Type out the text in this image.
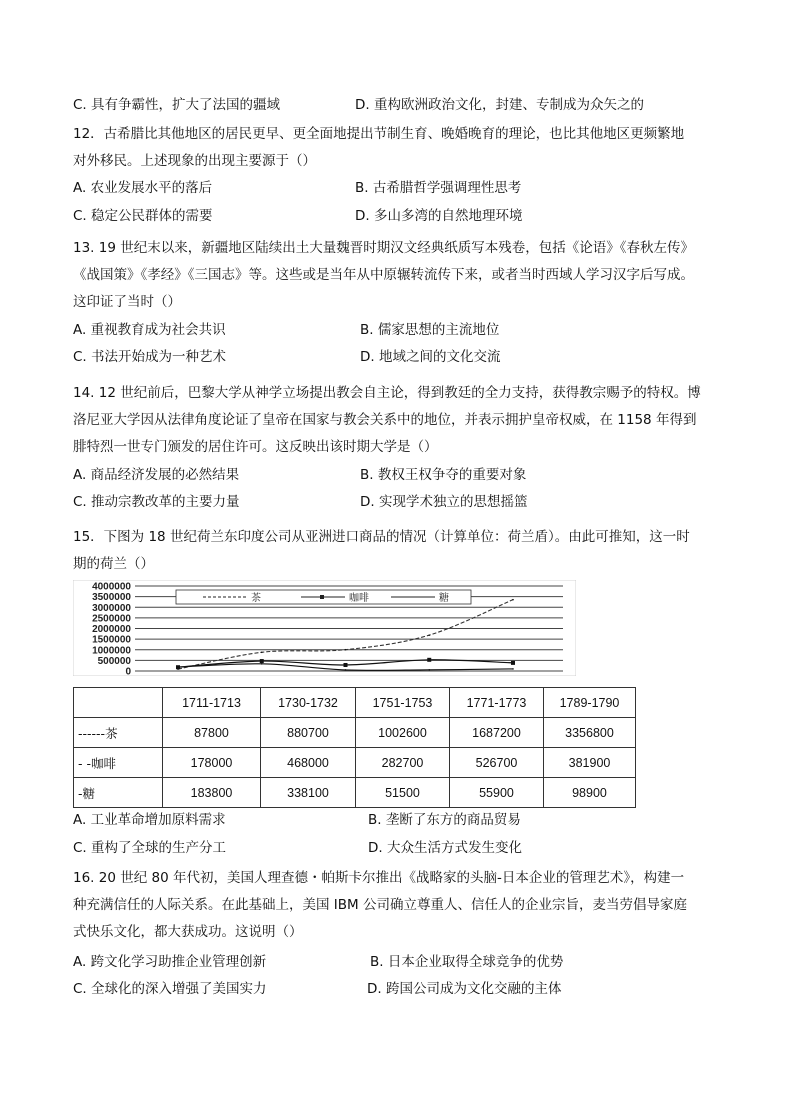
C. 具有争霸性，扩大了法国的疆域	D. 重构欧洲政治文化，封建、专制成为众矢之的
12．古希腊比其他地区的居民更早、更全面地提出节制生育、晚婚晚育的理论，也比其他地区更频繁地
对外移民。上述现象的出现主要源于（）
A. 农业发展水平的落后	B. 古希腊哲学强调理性思考
C. 稳定公民群体的需要	D. 多山多湾的自然地理环境
13. 19 世纪末以来，新疆地区陆续出土大量魏晋时期汉文经典纸质写本残卷，包括《论语》《春秋左传》
《战国策》《孝经》《三国志》等。这些或是当年从中原辗转流传下来，或者当时西域人学习汉字后写成。
这印证了当时（）
A. 重视教育成为社会共识	B. 儒家思想的主流地位
C. 书法开始成为一种艺术	D. 地域之间的文化交流
14. 12 世纪前后，巴黎大学从神学立场提出教会自主论，得到教廷的全力支持，获得教宗赐予的特权。博
洛尼亚大学因从法律角度论证了皇帝在国家与教会关系中的地位，并表示拥护皇帝权威，在 1158 年得到
腓特烈一世专门颁发的居住许可。这反映出该时期大学是（）
A. 商品经济发展的必然结果	B. 教权王权争夺的重要对象
C. 推动宗教改革的主要力量	D. 实现学术独立的思想摇篮
15．下图为 18 世纪荷兰东印度公司从亚洲进口商品的情况（计算单位：荷兰盾）。由此可推知，这一时
期的荷兰（）
4000000
3500000
3000000
2500000
2000000
1500000
1000000
500000
0
茶	咖啡	糖
	1711-1713	1730-1732	1751-1753	1771-1773	1789-1790
------茶	87800	880700	1002600	1687200	3356800
- -咖啡	178000	468000	282700	526700	381900
-糖	183800	338100	51500	55900	98900
A. 工业革命增加原料需求	B. 垄断了东方的商品贸易
C. 重构了全球的生产分工	D. 大众生活方式发生变化
16. 20 世纪 80 年代初，美国人理查德・帕斯卡尔推出《战略家的头脑-日本企业的管理艺术》，构建一
种充满信任的人际关系。在此基础上，美国 IBM 公司确立尊重人、信任人的企业宗旨，麦当劳倡导家庭
式快乐文化，都大获成功。这说明（）
A. 跨文化学习助推企业管理创新	B. 日本企业取得全球竞争的优势
C. 全球化的深入增强了美国实力	D. 跨国公司成为文化交融的主体
